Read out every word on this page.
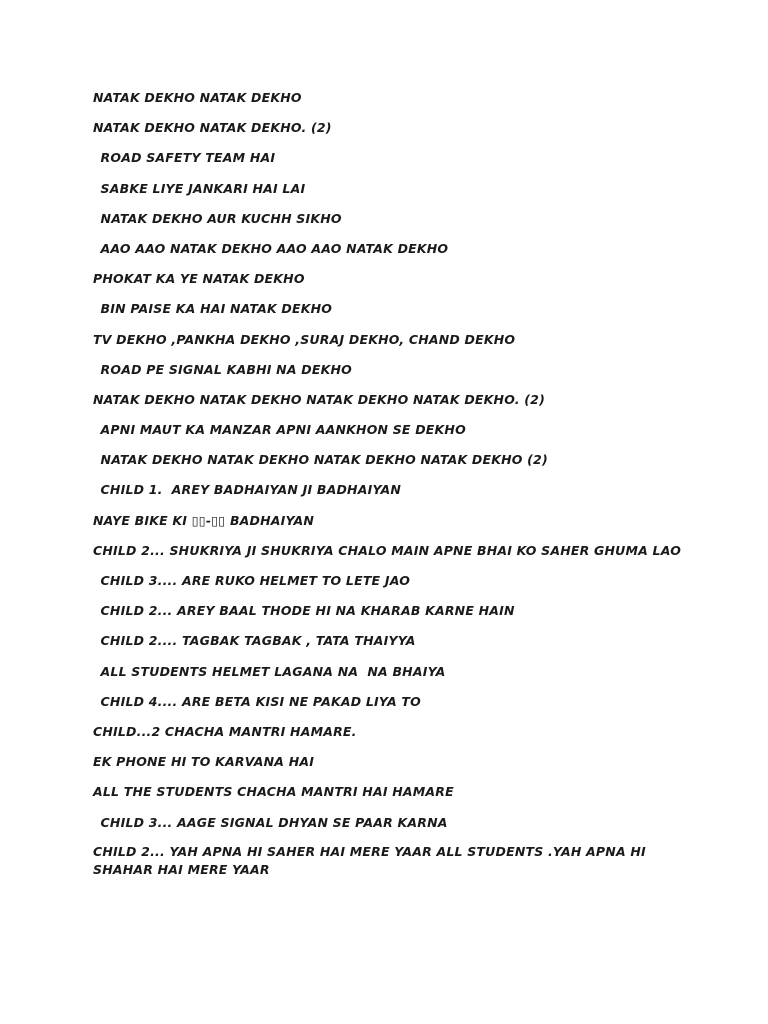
NATAK DEKHO NATAK DEKHO
NATAK DEKHO NATAK DEKHO. (2)
ROAD SAFETY TEAM HAI
SABKE LIYE JANKARI HAI LAI
NATAK DEKHO AUR KUCHH SIKHO
AAO AAO NATAK DEKHO AAO AAO NATAK DEKHO
PHOKAT KA YE NATAK DEKHO
BIN PAISE KA HAI NATAK DEKHO
TV DEKHO ,PANKHA DEKHO ,SURAJ DEKHO, CHAND DEKHO
ROAD PE SIGNAL KABHI NA DEKHO
NATAK DEKHO NATAK DEKHO NATAK DEKHO NATAK DEKHO. (2)
APNI MAUT KA MANZAR APNI AANKHON SE DEKHO
NATAK DEKHO NATAK DEKHO NATAK DEKHO NATAK DEKHO (2)
CHILD 1.  AREY BADHAIYAN JI BADHAIYAN
NAYE BIKE KI ▯▯-▯▯ BADHAIYAN
CHILD 2... SHUKRIYA JI SHUKRIYA CHALO MAIN APNE BHAI KO SAHER GHUMA LAO
CHILD 3.... ARE RUKO HELMET TO LETE JAO
CHILD 2... AREY BAAL THODE HI NA KHARAB KARNE HAIN
CHILD 2.... TAGBAK TAGBAK , TATA THAIYYA
ALL STUDENTS HELMET LAGANA NA  NA BHAIYA
CHILD 4.... ARE BETA KISI NE PAKAD LIYA TO
CHILD...2 CHACHA MANTRI HAMARE.
EK PHONE HI TO KARVANA HAI
ALL THE STUDENTS CHACHA MANTRI HAI HAMARE
CHILD 3... AAGE SIGNAL DHYAN SE PAAR KARNA
CHILD 2... YAH APNA HI SAHER HAI MERE YAAR ALL STUDENTS .YAH APNA HI SHAHAR HAI MERE YAAR
